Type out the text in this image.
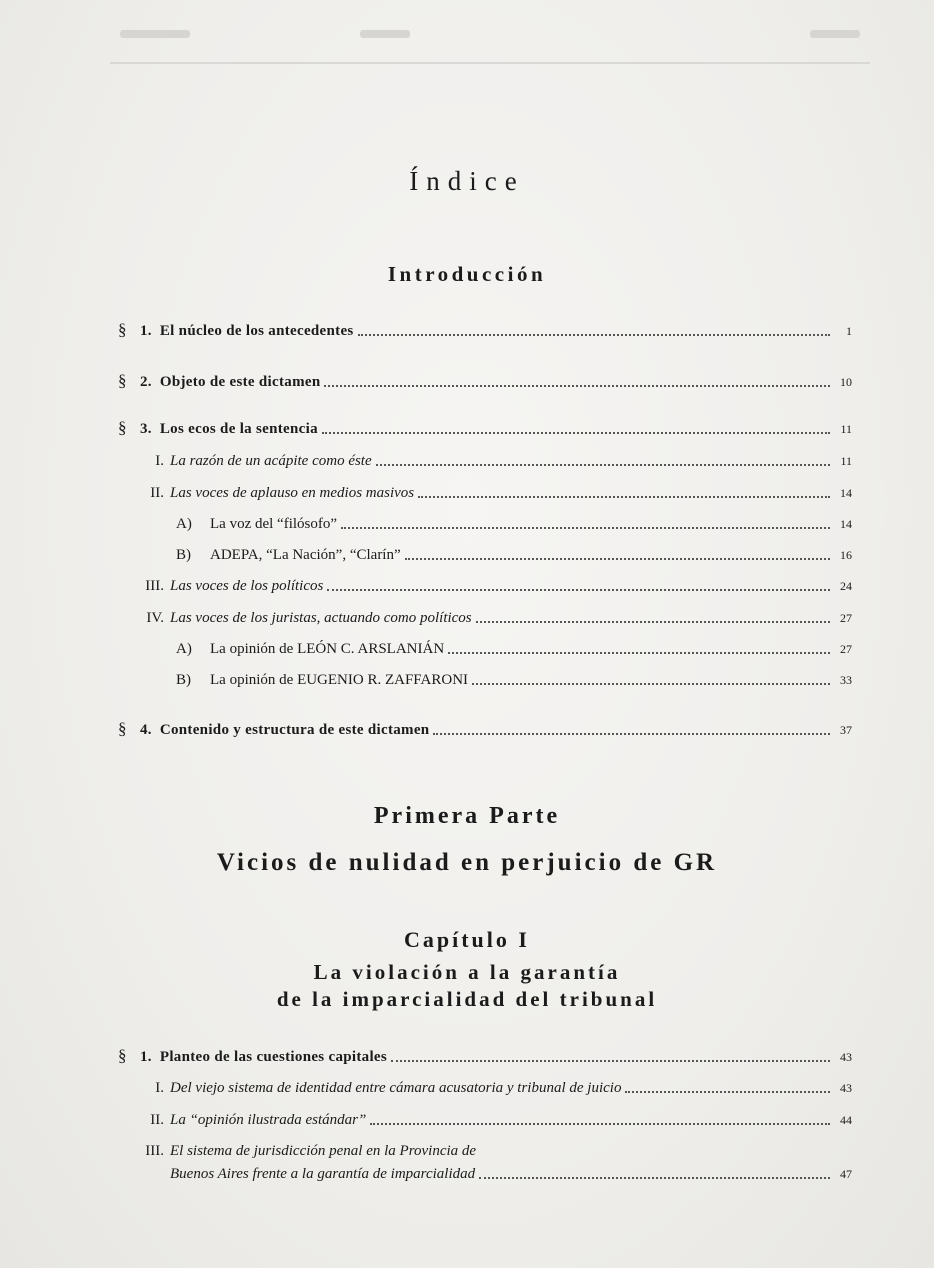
Índice
Introducción
§ 1. El núcleo de los antecedentes	1
§ 2. Objeto de este dictamen	10
§ 3. Los ecos de la sentencia	11
I. La razón de un acápite como éste	11
II. Las voces de aplauso en medios masivos	14
A)	La voz del “filósofo”	14
B)	ADEPA, “La Nación”, “Clarín”	16
III. Las voces de los políticos	24
IV. Las voces de los juristas, actuando como políticos	27
A)	La opinión de LEÓN C. ARSLANIÁN	27
B)	La opinión de EUGENIO R. ZAFFARONI	33
§ 4. Contenido y estructura de este dictamen	37
Primera Parte
Vicios de nulidad en perjuicio de GR
Capítulo I
La violación a la garantía
de la imparcialidad del tribunal
§ 1. Planteo de las cuestiones capitales	43
I. Del viejo sistema de identidad entre cámara acusatoria y tribunal de juicio	43
II. La “opinión ilustrada estándar”	44
III. El sistema de jurisdicción penal en la Provincia de
Buenos Aires frente a la garantía de imparcialidad	47
